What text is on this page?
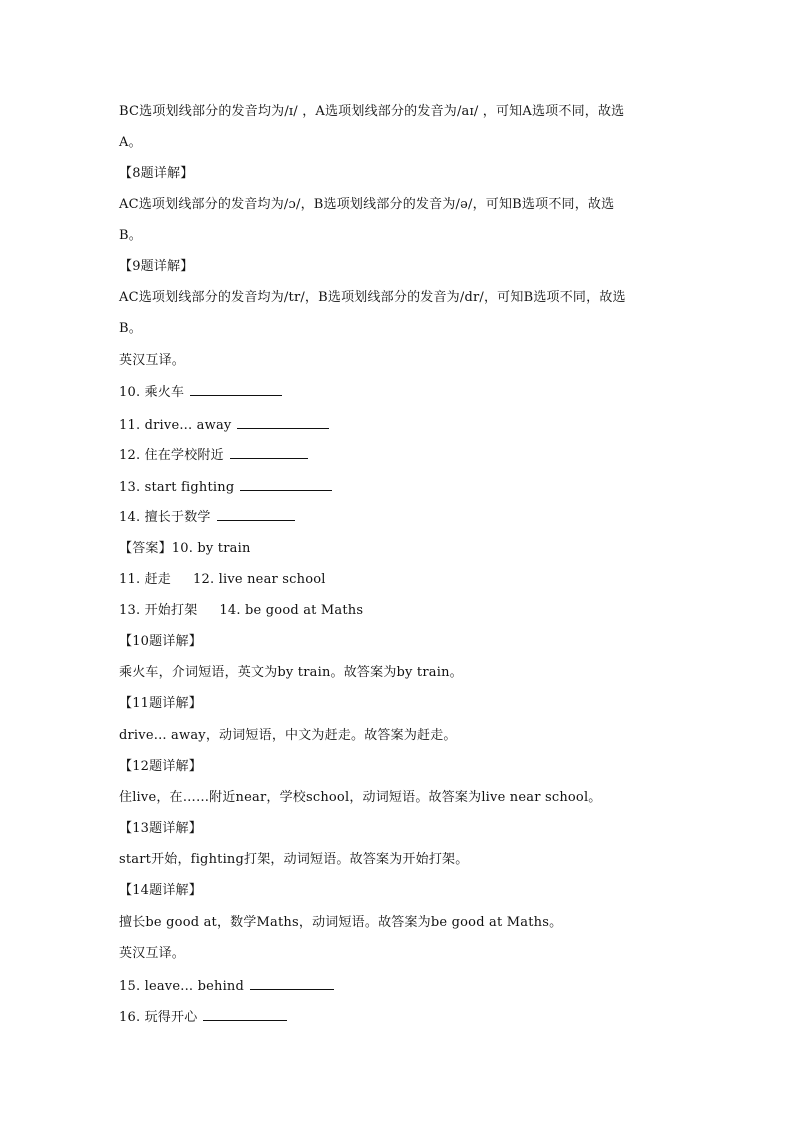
BC选项划线部分的发音均为/ɪ/ ，A选项划线部分的发音为/aɪ/ ，可知A选项不同，故选
A。
【8题详解】
AC选项划线部分的发音均为/ɔ/，B选项划线部分的发音为/ə/，可知B选项不同，故选
B。
【9题详解】
AC选项划线部分的发音均为/tr/，B选项划线部分的发音为/dr/，可知B选项不同，故选
B。
英汉互译。
10. 乘火车
11. drive... away
12. 住在学校附近
13. start fighting
14. 擅长于数学
【答案】10. by train
11. 赶走 12. live near school
13. 开始打架 14. be good at Maths
【10题详解】
乘火车，介词短语，英文为by train。故答案为by train。
【11题详解】
drive... away，动词短语，中文为赶走。故答案为赶走。
【12题详解】
住live，在……附近near，学校school，动词短语。故答案为live near school。
【13题详解】
start开始，fighting打架，动词短语。故答案为开始打架。
【14题详解】
擅长be good at，数学Maths，动词短语。故答案为be good at Maths。
英汉互译。
15. leave... behind
16. 玩得开心
